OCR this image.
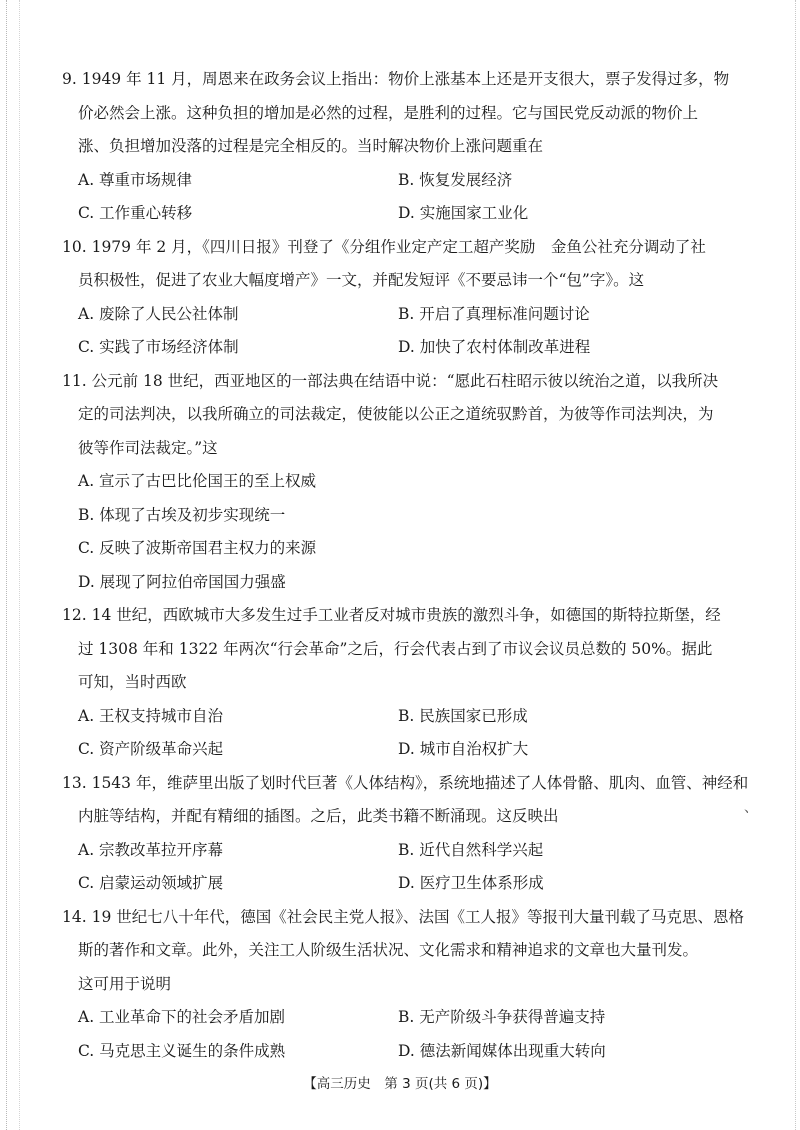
9. 1949 年 11 月，周恩来在政务会议上指出：物价上涨基本上还是开支很大，票子发得过多，物
价必然会上涨。这种负担的增加是必然的过程，是胜利的过程。它与国民党反动派的物价上
涨、负担增加没落的过程是完全相反的。当时解决物价上涨问题重在
A. 尊重市场规律	B. 恢复发展经济
C. 工作重心转移	D. 实施国家工业化
10. 1979 年 2 月，《四川日报》刊登了《分组作业定产定工超产奖励　金鱼公社充分调动了社
员积极性，促进了农业大幅度增产》一文，并配发短评《不要忌讳一个“包”字》。这
A. 废除了人民公社体制	B. 开启了真理标准问题讨论
C. 实践了市场经济体制	D. 加快了农村体制改革进程
11. 公元前 18 世纪，西亚地区的一部法典在结语中说：“愿此石柱昭示彼以统治之道，以我所决
定的司法判决，以我所确立的司法裁定，使彼能以公正之道统驭黔首，为彼等作司法判决，为
彼等作司法裁定。”这
A. 宣示了古巴比伦国王的至上权威
B. 体现了古埃及初步实现统一
C. 反映了波斯帝国君主权力的来源
D. 展现了阿拉伯帝国国力强盛
12. 14 世纪，西欧城市大多发生过手工业者反对城市贵族的激烈斗争，如德国的斯特拉斯堡，经
过 1308 年和 1322 年两次“行会革命”之后，行会代表占到了市议会议员总数的 50%。据此
可知，当时西欧
A. 王权支持城市自治	B. 民族国家已形成
C. 资产阶级革命兴起	D. 城市自治权扩大
13. 1543 年，维萨里出版了划时代巨著《人体结构》，系统地描述了人体骨骼、肌肉、血管、神经和
内脏等结构，并配有精细的插图。之后，此类书籍不断涌现。这反映出
A. 宗教改革拉开序幕	B. 近代自然科学兴起
C. 启蒙运动领域扩展	D. 医疗卫生体系形成
14. 19 世纪七八十年代，德国《社会民主党人报》、法国《工人报》等报刊大量刊载了马克思、恩格
斯的著作和文章。此外，关注工人阶级生活状况、文化需求和精神追求的文章也大量刊发。
这可用于说明
A. 工业革命下的社会矛盾加剧	B. 无产阶级斗争获得普遍支持
C. 马克思主义诞生的条件成熟	D. 德法新闻媒体出现重大转向
、
【高三历史　第 3 页(共 6 页)】
